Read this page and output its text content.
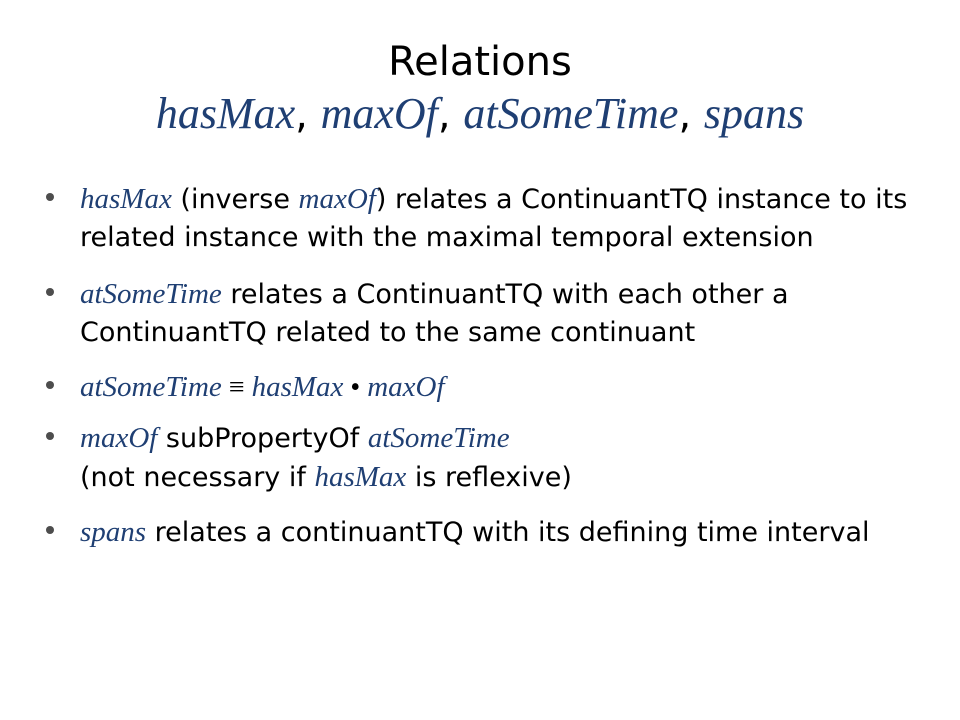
Relations
hasMax, maxOf, atSomeTime, spans
hasMax (inverse maxOf) relates a ContinuantTQ instance to its related instance with the maximal temporal extension
atSomeTime relates a ContinuantTQ with each other a ContinuantTQ related to the same continuant
atSomeTime ≡ hasMax • maxOf
maxOf subPropertyOf atSomeTime
(not necessary if hasMax is reflexive)
spans relates a continuantTQ with its defining time interval
